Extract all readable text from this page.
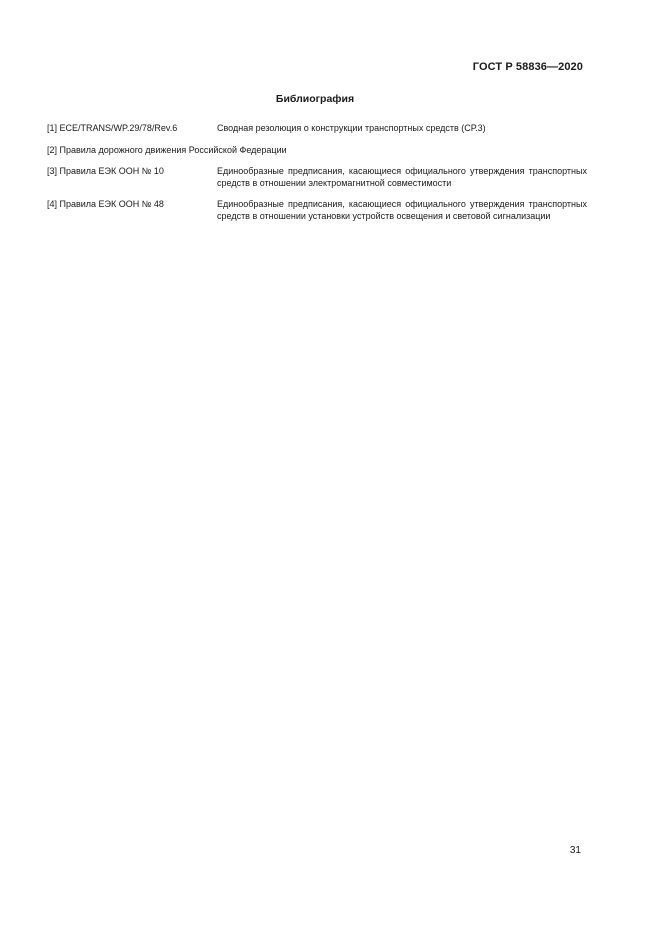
ГОСТ Р 58836—2020
Библиография
[1] ECE/TRANS/WP.29/78/Rev.6	Сводная резолюция о конструкции транспортных средств (СР.3)
[2] Правила дорожного движения Российской Федерации
[3] Правила ЕЭК ООН № 10	Единообразные предписания, касающиеся официального утверждения транспортных средств в отношении электромагнитной совместимости
[4] Правила ЕЭК ООН № 48	Единообразные предписания, касающиеся официального утверждения транспортных средств в отношении установки устройств освещения и световой сигнализации
31
